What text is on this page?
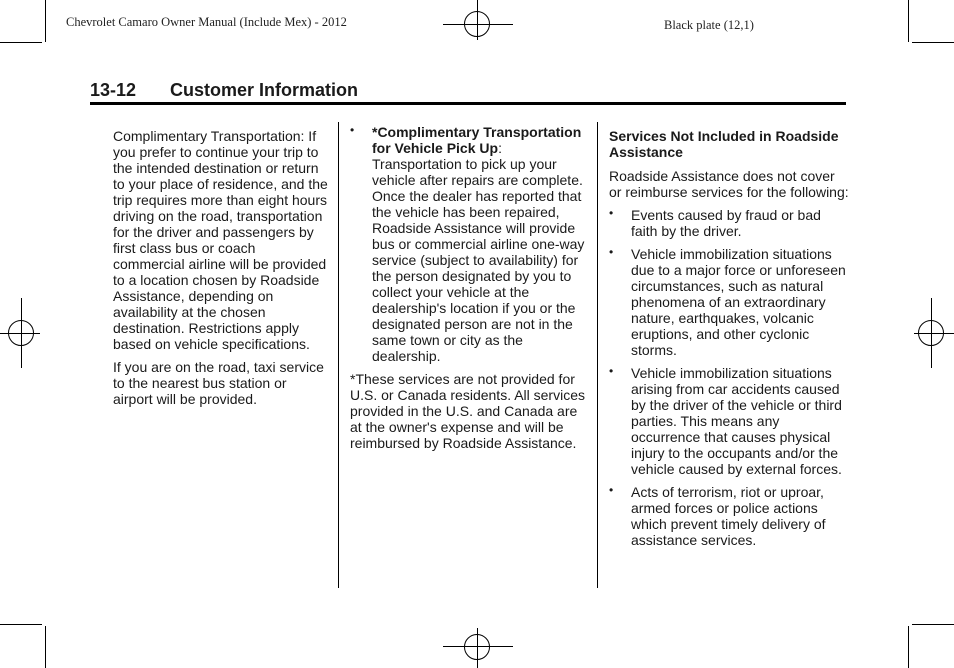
Chevrolet Camaro Owner Manual (Include Mex) - 2012	Black plate (12,1)
13-12 Customer Information

Complimentary Transportation: If you prefer to continue your trip to the intended destination or return to your place of residence, and the trip requires more than eight hours driving on the road, transportation for the driver and passengers by first class bus or coach commercial airline will be provided to a location chosen by Roadside Assistance, depending on availability at the chosen destination. Restrictions apply based on vehicle specifications.

If you are on the road, taxi service to the nearest bus station or airport will be provided.

• *Complimentary Transportation for Vehicle Pick Up: Transportation to pick up your vehicle after repairs are complete. Once the dealer has reported that the vehicle has been repaired, Roadside Assistance will provide bus or commercial airline one-way service (subject to availability) for the person designated by you to collect your vehicle at the dealership's location if you or the designated person are not in the same town or city as the dealership.

*These services are not provided for U.S. or Canada residents. All services provided in the U.S. and Canada are at the owner's expense and will be reimbursed by Roadside Assistance.

Services Not Included in Roadside Assistance

Roadside Assistance does not cover or reimburse services for the following:

• Events caused by fraud or bad faith by the driver.
• Vehicle immobilization situations due to a major force or unforeseen circumstances, such as natural phenomena of an extraordinary nature, earthquakes, volcanic eruptions, and other cyclonic storms.
• Vehicle immobilization situations arising from car accidents caused by the driver of the vehicle or third parties. This means any occurrence that causes physical injury to the occupants and/or the vehicle caused by external forces.
• Acts of terrorism, riot or uproar, armed forces or police actions which prevent timely delivery of assistance services.
